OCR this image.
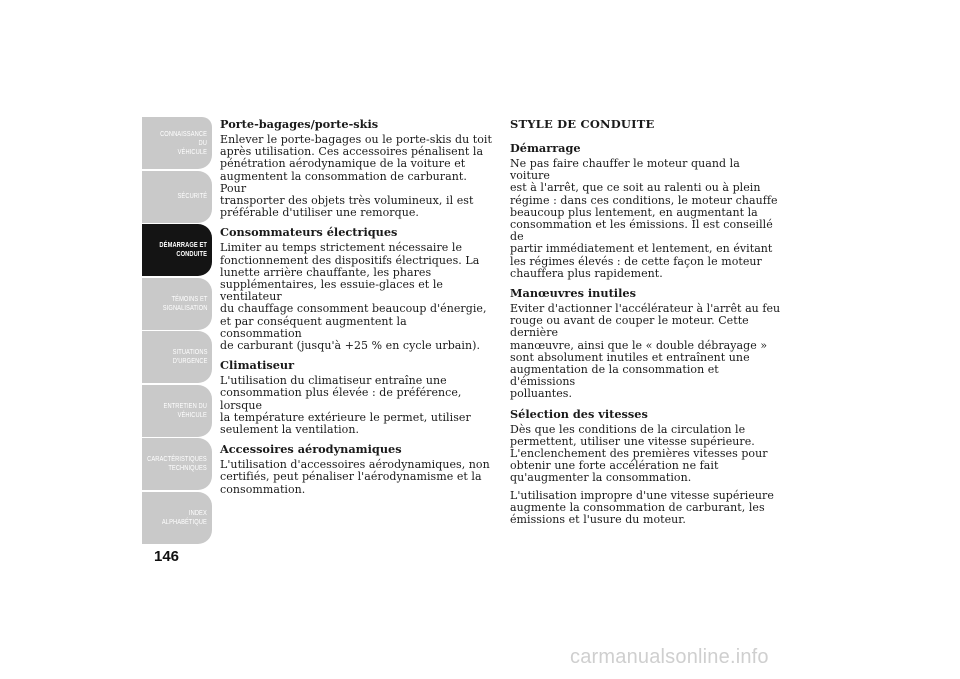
CONNAISSANCE DU
VÉHICULE
SÉCURITÉ
DÉMARRAGE ET
CONDUITE
TÉMOINS ET
SIGNALISATION
SITUATIONS
D'URGENCE
ENTRETIEN DU
VÉHICULE
CARACTÉRISTIQUES
TECHNIQUES
INDEX
ALPHABÉTIQUE
146
Porte-bagages/porte-skis

Enlever le porte-bagages ou le porte-skis du toit
après utilisation. Ces accessoires pénalisent la
pénétration aérodynamique de la voiture et
augmentent la consommation de carburant. Pour
transporter des objets très volumineux, il est
préférable d'utiliser une remorque.

Consommateurs électriques

Limiter au temps strictement nécessaire le
fonctionnement des dispositifs électriques. La
lunette arrière chauffante, les phares
supplémentaires, les essuie-glaces et le ventilateur
du chauffage consomment beaucoup d'énergie,
et par conséquent augmentent la consommation
de carburant (jusqu'à +25 % en cycle urbain).

Climatiseur

L'utilisation du climatiseur entraîne une
consommation plus élevée : de préférence, lorsque
la température extérieure le permet, utiliser
seulement la ventilation.

Accessoires aérodynamiques

L'utilisation d'accessoires aérodynamiques, non
certifiés, peut pénaliser l'aérodynamisme et la
consommation.

STYLE DE CONDUITE
Démarrage

Ne pas faire chauffer le moteur quand la voiture
est à l'arrêt, que ce soit au ralenti ou à plein
régime : dans ces conditions, le moteur chauffe
beaucoup plus lentement, en augmentant la
consommation et les émissions. Il est conseillé de
partir immédiatement et lentement, en évitant
les régimes élevés : de cette façon le moteur
chauffera plus rapidement.

Manœuvres inutiles

Eviter d'actionner l'accélérateur à l'arrêt au feu
rouge ou avant de couper le moteur. Cette dernière
manœuvre, ainsi que le « double débrayage »
sont absolument inutiles et entraînent une
augmentation de la consommation et d'émissions
polluantes.

Sélection des vitesses

Dès que les conditions de la circulation le
permettent, utiliser une vitesse supérieure.
L'enclenchement des premières vitesses pour
obtenir une forte accélération ne fait
qu'augmenter la consommation.

L'utilisation impropre d'une vitesse supérieure
augmente la consommation de carburant, les
émissions et l'usure du moteur.

carmanualsonline.info
